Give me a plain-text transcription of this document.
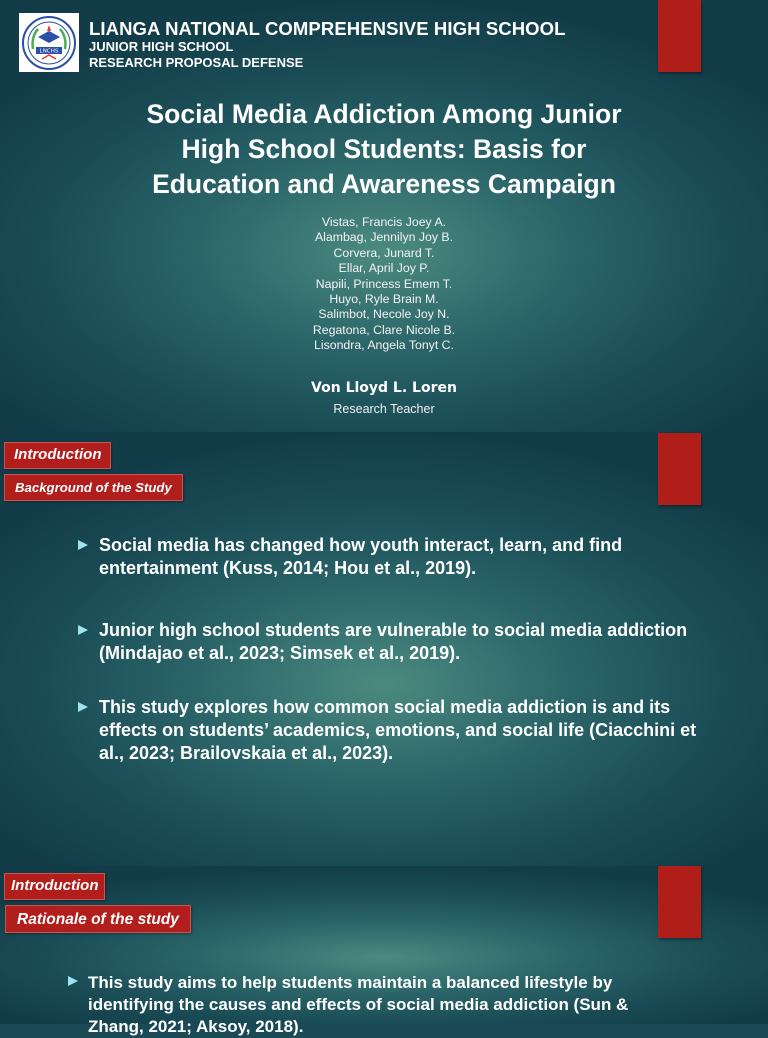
LNCHS
LIANGA NATIONAL COMPREHENSIVE HIGH SCHOOL
JUNIOR HIGH SCHOOL
RESEARCH PROPOSAL DEFENSE
Social Media Addiction Among Junior
High School Students: Basis for
Education and Awareness Campaign
Vistas, Francis Joey A.
Alambag, Jennilyn Joy B.
Corvera, Junard T.
Ellar, April Joy P.
Napili, Princess Emem T.
Huyo, Ryle Brain M.
Salimbot, Necole Joy N.
Regatona, Clare Nicole B.
Lisondra, Angela Tonyt C.
Von Lloyd L. Loren
Research Teacher
Introduction
Background of the Study
Social media has changed how youth interact, learn, and find entertainment (Kuss, 2014; Hou et al., 2019).
Junior high school students are vulnerable to social media addiction (Mindajao et al., 2023; Simsek et al., 2019).
This study explores how common social media addiction is and its effects on students’ academics, emotions, and social life (Ciacchini et al., 2023; Brailovskaia et al., 2023).
Introduction
Rationale of the study
This study aims to help students maintain a balanced lifestyle by identifying the causes and effects of social media addiction (Sun & Zhang, 2021; Aksoy, 2018).
